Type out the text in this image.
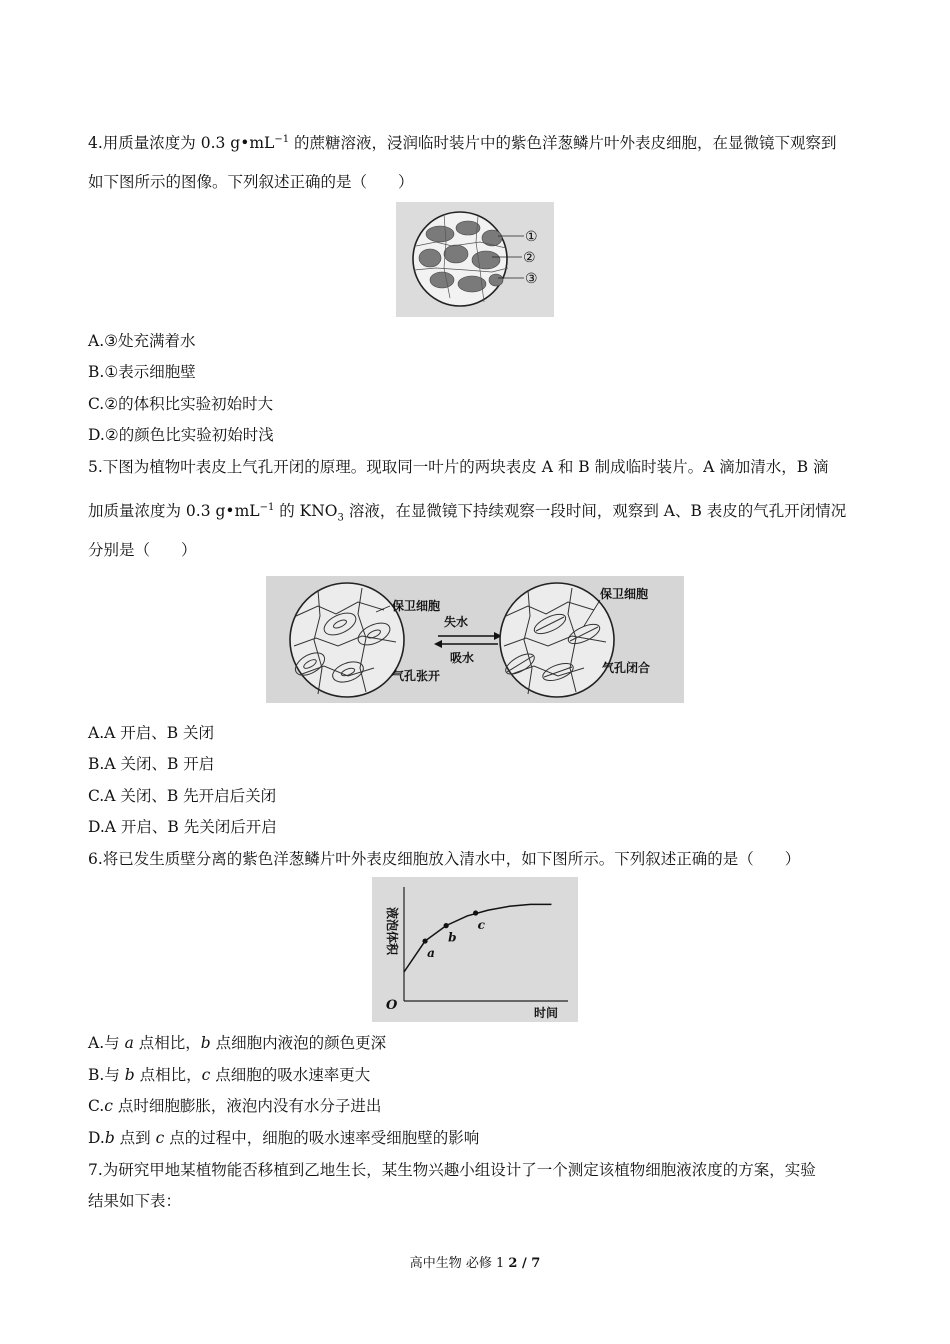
4.用质量浓度为 0.3 $g•mL^{-1}$ 的蔗糖溶液，浸润临时装片中的紫色洋葱鳞片叶外表皮细胞，在显微镜下观察到
如下图所示的图像。下列叙述正确的是（　　）
①
②
③
A.③处充满着水
B.①表示细胞壁
C.②的体积比实验初始时大
D.②的颜色比实验初始时浅
5.下图为植物叶表皮上气孔开闭的原理。现取同一叶片的两块表皮 A 和 B 制成临时装片。A 滴加清水，B 滴
加质量浓度为 0.3 $g•mL^{-1}$ 的 $KNO_3$ 溶液，在显微镜下持续观察一段时间，观察到 A、B 表皮的气孔开闭情况
分别是（　　）
保卫细胞
气孔张开
失水
吸水
保卫细胞
气孔闭合
A.A 开启、B 关闭
B.A 关闭、B 开启
C.A 关闭、B 先开启后关闭
D.A 开启、B 先关闭后开启
6.将已发生质壁分离的紫色洋葱鳞片叶外表皮细胞放入清水中，如下图所示。下列叙述正确的是（　　）
O	时间
液泡体积 a
b
c
A.与 a 点相比，b 点细胞内液泡的颜色更深
B.与 b 点相比，c 点细胞的吸水速率更大
C.c 点时细胞膨胀，液泡内没有水分子进出
D.b 点到 c 点的过程中，细胞的吸水速率受细胞壁的影响
7.为研究甲地某植物能否移植到乙地生长，某生物兴趣小组设计了一个测定该植物细胞液浓度的方案，实验
结果如下表：
高中生物 必修 1 2 / 7
